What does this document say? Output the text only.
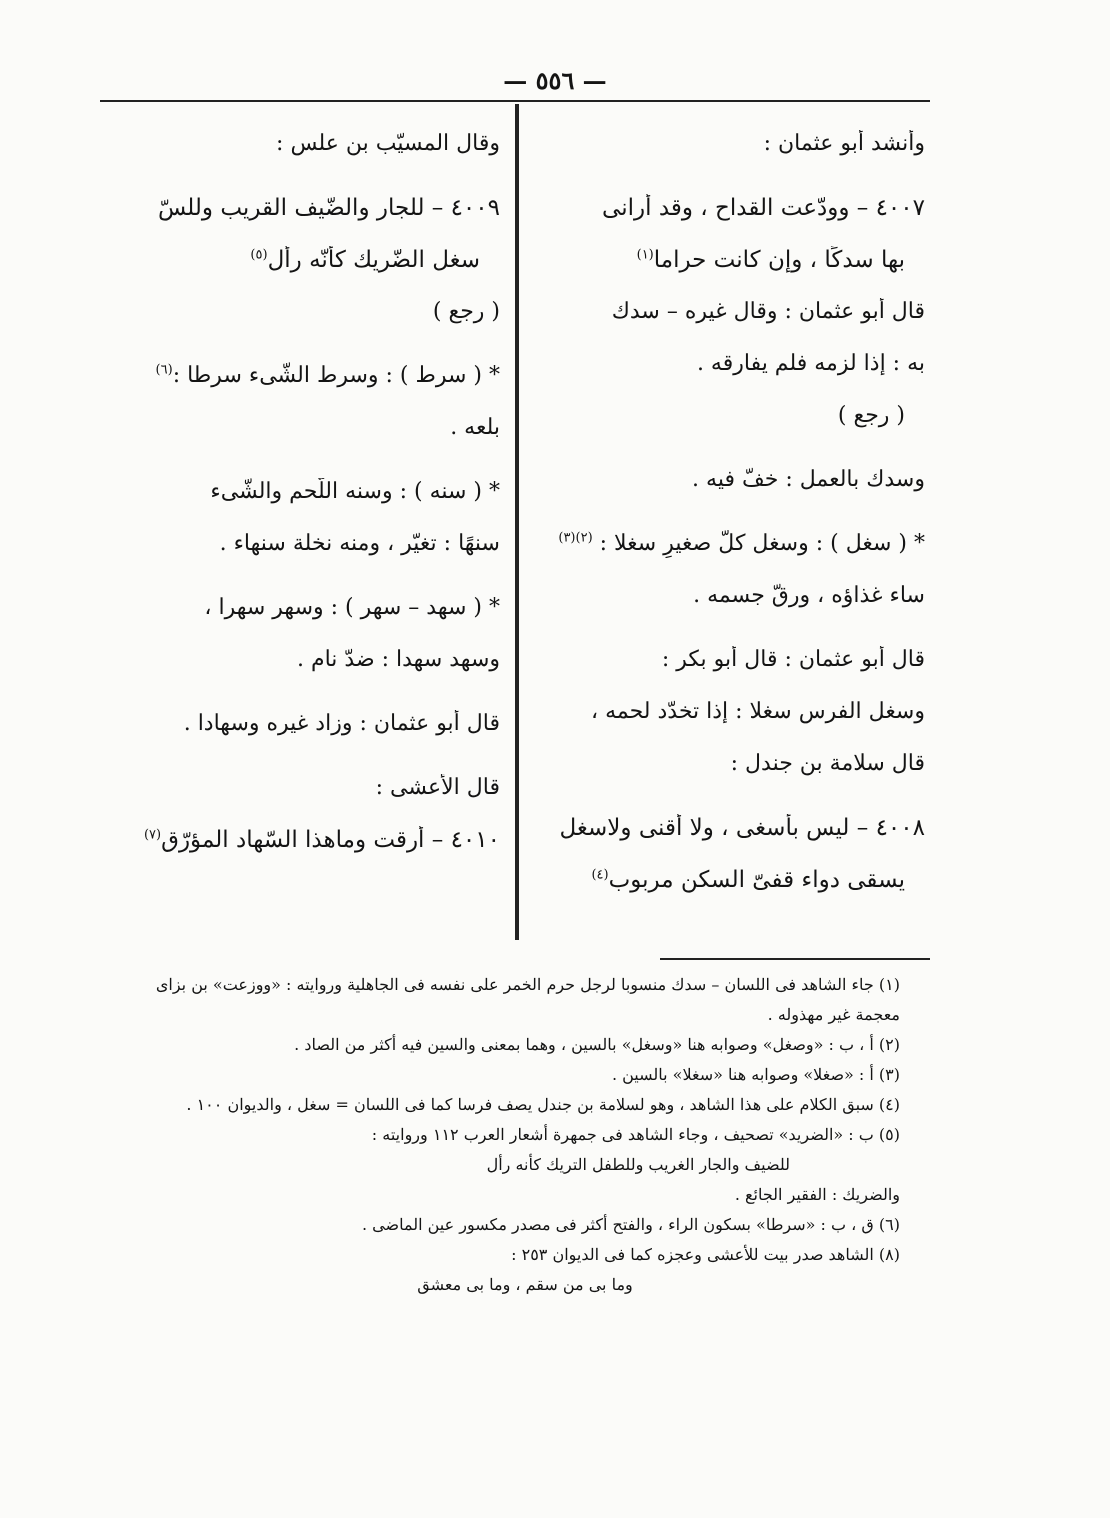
— ٥٥٦ —

وأنشد أبو عثمان :

٤٠٠٧ – وودّعت القداح ، وقد أرانى

بها سدكًا ، وإن كانت حراما$^{(١)}$

قال أبو عثمان : وقال غيره – سدك

به : إذا لزمه فلم يفارقه .

( رجع )

وسدك بالعمل : خفّ فيه .

* ( سغل ) : وسغل كلّ صغيرٍ سغلا : $^{(٢)(٣)}$

ساء غذاؤه ، ورقّ جسمه .

قال أبو عثمان : قال أبو بكر :

وسغل الفرس سغلا : إذا تخدّد لحمه ،

قال سلامة بن جندل :

٤٠٠٨ – ليس بأسغى ، ولا أقنى ولاسغل

يسقى دواء قفىّ السكن مربوب$^{(٤)}$

وقال المسيّب بن علس :

٤٠٠٩ – للجار والضّيف القريب وللسّ

سغل الضّريك كأنّه رأل$^{(٥)}$

( رجع )

* ( سرط ) : وسرط الشّىء سرطا :$^{(٦)}$

بلعه .

* ( سنه ) : وسنه اللّحم والشّىء

سنهًا : تغيّر ، ومنه نخلة سنهاء .

* ( سهد – سهر ) : وسهر سهرا ،

وسهد سهدا : ضدّ نام .

قال أبو عثمان : وزاد غيره وسهادا .

قال الأعشى :

٤٠١٠ – أرقت وماهذا السّهاد المؤرّق$^{(٧)}$

(١) جاء الشاهد فى اللسان – سدك منسوبا لرجل حرم الخمر على نفسه فى الجاهلية وروايته : «ووزعت» بن بزاى

معجمة غير مهذوله .

(٢) أ ، ب : «وصغل» وصوابه هنا «وسغل» بالسين ، وهما بمعنى والسين فيه أكثر من الصاد .

(٣) أ : «صغلا» وصوابه هنا «سغلا» بالسين .

(٤) سبق الكلام على هذا الشاهد ، وهو لسلامة بن جندل يصف فرسا كما فى اللسان = سغل ، والديوان ١٠٠ .

(٥) ب : «الضريد» تصحيف ، وجاء الشاهد فى جمهرة أشعار العرب ١١٢ وروايته :

للضيف والجار الغريب وللطفل التريك كأنه رأل

والضريك : الفقير الجائع .

(٦) ق ، ب : «سرطا» بسكون الراء ، والفتح أكثر فى مصدر مكسور عين الماضى .

(٨) الشاهد صدر بيت للأعشى وعجزه كما فى الديوان ٢٥٣ :

وما بى من سقم ، وما بى معشق
